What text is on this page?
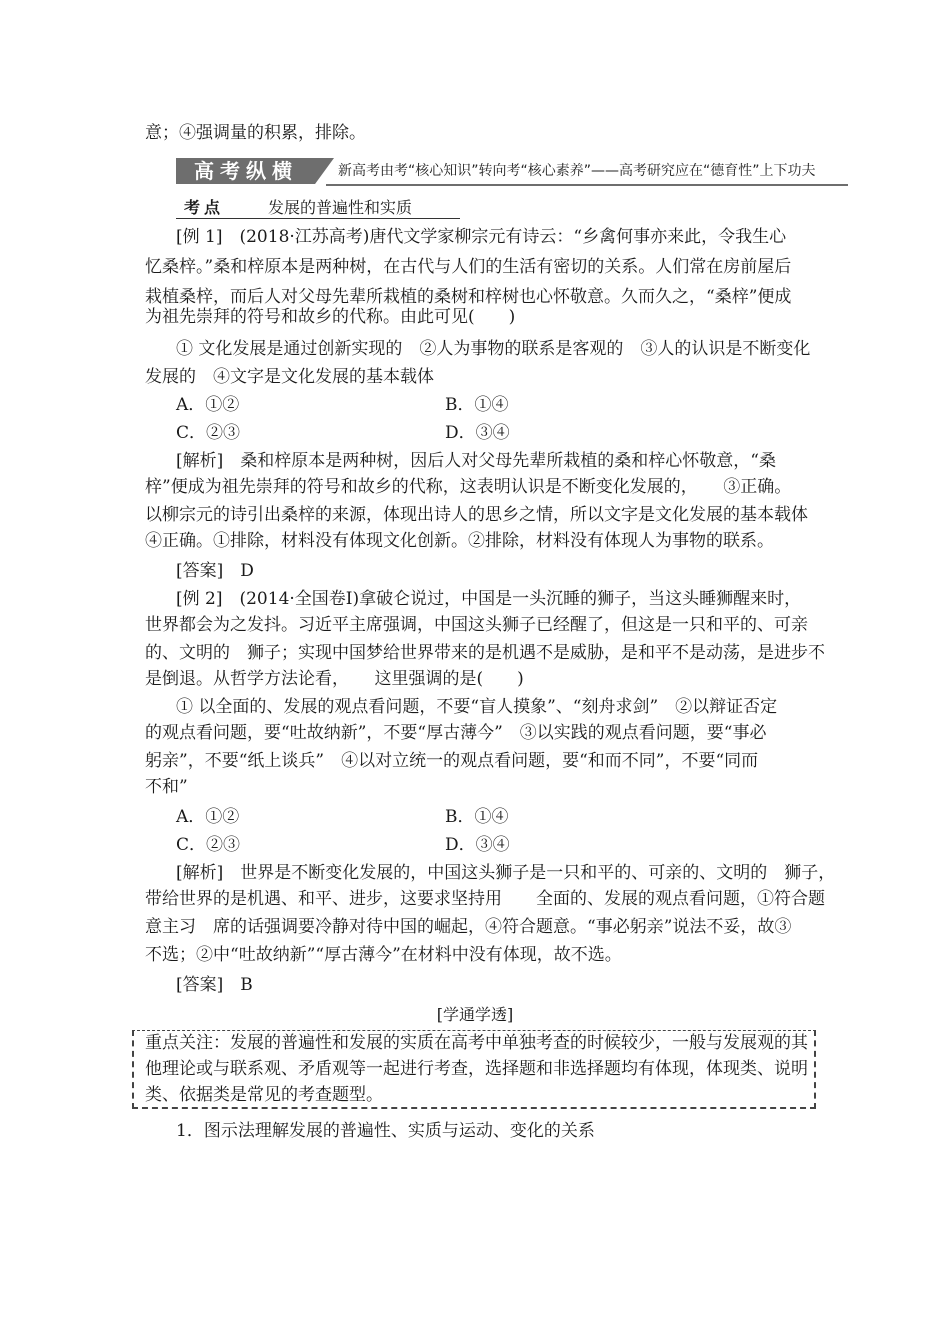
意；④强调量的积累，排除。
高考纵横	新高考由考“核心知识”转向考“核心素养”——高考研究应在“德育性”上下功夫
考点	发展的普遍性和实质
[例 1]　(2018·江苏高考)唐代文学家柳宗元有诗云：“乡禽何事亦来此，令我生心
忆桑梓。”桑和梓原本是两种树，在古代与人们的生活有密切的关系。人们常在房前屋后
栽植桑梓，而后人对父母先辈所栽植的桑树和梓树也心怀敬意。久而久之，“桑梓”便成
为祖先崇拜的符号和故乡的代称。由此可见(　　)
① 文化发展是通过创新实现的　②人为事物的联系是客观的　③人的认识是不断变化
发展的　④文字是文化发展的基本载体
A．①②	B．①④
C．②③	D．③④
[解析]　桑和梓原本是两种树，因后人对父母先辈所栽植的桑和梓心怀敬意，“桑
梓”便成为祖先崇拜的符号和故乡的代称，这表明认识是不断变化发展的，　　③正确。
以柳宗元的诗引出桑梓的来源，体现出诗人的思乡之情，所以文字是文化发展的基本载体
④正确。①排除，材料没有体现文化创新。②排除，材料没有体现人为事物的联系。
[答案]　D
[例 2]　(2014·全国卷Ⅰ)拿破仑说过，中国是一头沉睡的狮子，当这头睡狮醒来时，
世界都会为之发抖。习近平主席强调，中国这头狮子已经醒了，但这是一只和平的、可亲
的、文明的　狮子；实现中国梦给世界带来的是机遇不是威胁，是和平不是动荡，是进步不
是倒退。从哲学方法论看，　　这里强调的是(　　)
① 以全面的、发展的观点看问题，不要“盲人摸象”、“刻舟求剑”　②以辩证否定
的观点看问题，要“吐故纳新”，不要“厚古薄今”　③以实践的观点看问题，要“事必
躬亲”，不要“纸上谈兵”　④以对立统一的观点看问题，要“和而不同”，不要“同而
不和”
A．①②	B．①④
C．②③	D．③④
[解析]　世界是不断变化发展的，中国这头狮子是一只和平的、可亲的、文明的　狮子，
带给世界的是机遇、和平、进步，这要求坚持用　　全面的、发展的观点看问题，①符合题
意主习　席的话强调要冷静对待中国的崛起，④符合题意。“事必躬亲”说法不妥，故③
不选；②中“吐故纳新”“厚古薄今”在材料中没有体现，故不选。
[答案]　B
[学通学透]
重点关注：发展的普遍性和发展的实质在高考中单独考查的时候较少，一般与发展观的其
他理论或与联系观、矛盾观等一起进行考查，选择题和非选择题均有体现，体现类、说明
类、依据类是常见的考查题型。
1．图示法理解发展的普遍性、实质与运动、变化的关系
